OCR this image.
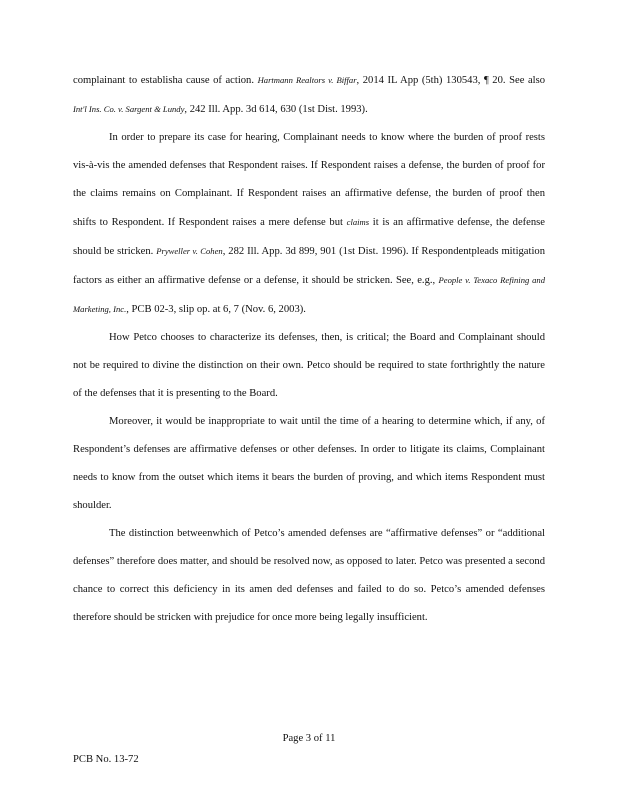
complainant to establisha cause of action. Hartmann Realtors v. Biffar, 2014 IL App (5th) 130543, ¶ 20. See also Int'l Ins. Co. v. Sargent & Lundy, 242 Ill. App. 3d 614, 630 (1st Dist. 1993).

In order to prepare its case for hearing, Complainant needs to know where the burden of proof rests vis-à-vis the amended defenses that Respondent raises. If Respondent raises a defense, the burden of proof for the claims remains on Complainant. If Respondent raises an affirmative defense, the burden of proof then shifts to Respondent. If Respondent raises a mere defense but claims it is an affirmative defense, the defense should be stricken. Pryweller v. Cohen, 282 Ill. App. 3d 899, 901 (1st Dist. 1996). If Respondentpleads mitigation factors as either an affirmative defense or a defense, it should be stricken. See, e.g., People v. Texaco Refining and Marketing, Inc., PCB 02-3, slip op. at 6, 7 (Nov. 6, 2003).

How Petco chooses to characterize its defenses, then, is critical; the Board and Complainant should not be required to divine the distinction on their own. Petco should be required to state forthrightly the nature of the defenses that it is presenting to the Board.

Moreover, it would be inappropriate to wait until the time of a hearing to determine which, if any, of Respondent’s defenses are affirmative defenses or other defenses. In order to litigate its claims, Complainant needs to know from the outset which items it bears the burden of proving, and which items Respondent must shoulder.

The distinction betweenwhich of Petco’s amended defenses are “affirmative defenses” or “additional defenses” therefore does matter, and should be resolved now, as opposed to later. Petco was presented a second chance to correct this deficiency in its amen ded defenses and failed to do so. Petco’s amended defenses therefore should be stricken with prejudice for once more being legally insufficient.

Page 3 of 11
PCB No. 13-72
